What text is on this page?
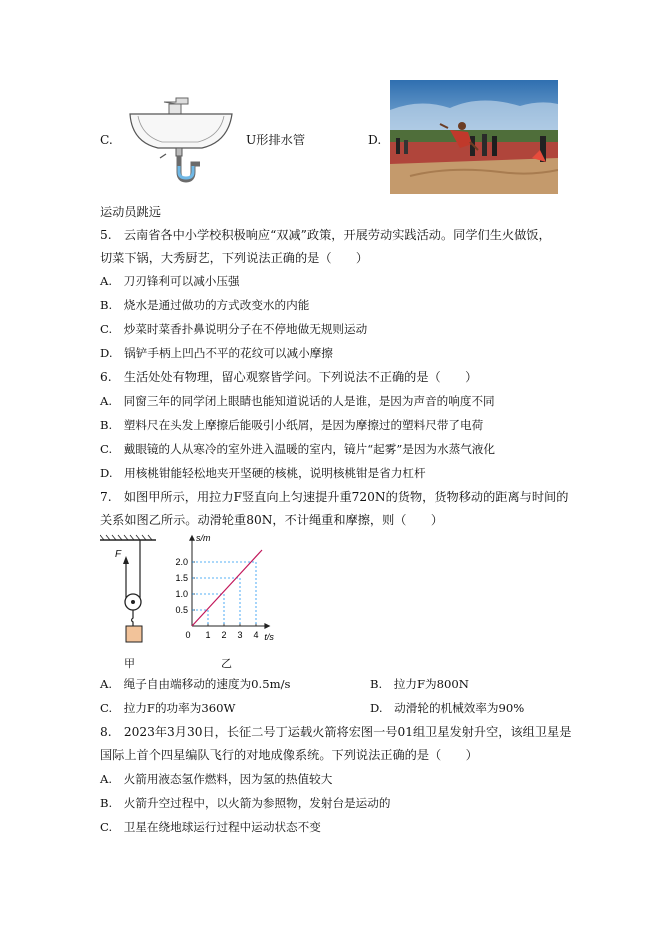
C.	U形排水管	D.
运动员跳远
5.　云南省各中小学校积极响应“双减”政策，开展劳动实践活动。同学们生火做饭，
切菜下锅，大秀厨艺，下列说法正确的是（　　）
A.　刀刃锋利可以减小压强
B.　烧水是通过做功的方式改变水的内能
C.　炒菜时菜香扑鼻说明分子在不停地做无规则运动
D.　锅铲手柄上凹凸不平的花纹可以减小摩擦
6.　生活处处有物理，留心观察皆学问。下列说法不正确的是（　　）
A.　同窗三年的同学闭上眼睛也能知道说话的人是谁，是因为声音的响度不同
B.　塑料尺在头发上摩擦后能吸引小纸屑，是因为摩擦过的塑料尺带了电荷
C.　戴眼镜的人从寒冷的室外进入温暖的室内，镜片“起雾”是因为水蒸气液化
D.　用核桃钳能轻松地夹开坚硬的核桃，说明核桃钳是省力杠杆
7.　如图甲所示，用拉力F竖直向上匀速提升重720N的货物，货物移动的距离与时间的
关系如图乙所示。动滑轮重80N，不计绳重和摩擦，则（　　）
F
甲
s/m
t/s
0 1 2 3 4
0.5
1.0
1.5
2.0
乙
A.　绳子自由端移动的速度为0.5m/s	B.　拉力F为800N
C.　拉力F的功率为360W	D.　动滑轮的机械效率为90%
8.　2023年3月30日，长征二号丁运载火箭将宏图一号01组卫星发射升空，该组卫星是
国际上首个四星编队飞行的对地成像系统。下列说法正确的是（　　）
A.　火箭用液态氢作燃料，因为氢的热值较大
B.　火箭升空过程中，以火箭为参照物，发射台是运动的
C.　卫星在绕地球运行过程中运动状态不变
